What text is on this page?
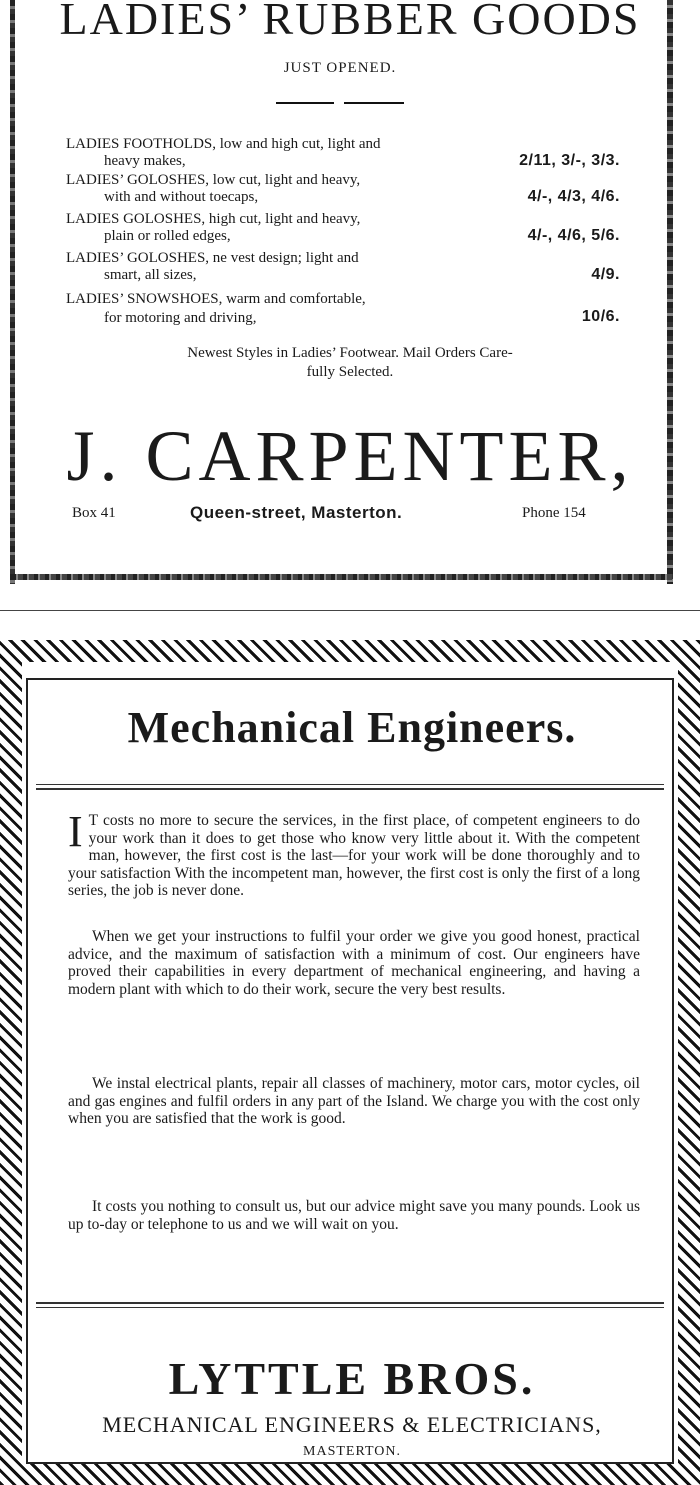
LADIES’ RUBBER GOODS
JUST OPENED.
LADIES FOOTHOLDS, low and high cut, light and
heavy makes,	2/11, 3/-, 3/3.
LADIES’ GOLOSHES, low cut, light and heavy,
with and without toecaps,	4/-, 4/3, 4/6.
LADIES GOLOSHES, high cut, light and heavy,
plain or rolled edges,	4/-, 4/6, 5/6.
LADIES’ GOLOSHES, ne vest design; light and
smart, all sizes,	4/9.
LADIES’ SNOWSHOES, warm and comfortable,
for motoring and driving,	10/6.
Newest Styles in Ladies’ Footwear. Mail Orders Care-
fully Selected.
J. CARPENTER,
Box 41	Queen-street, Masterton.	Phone 154
Mechanical Engineers.

I T costs no more to secure the services, in the first place, of competent engineers to do your work than it does to get those who know very little about it. With the competent man, however, the first cost is the last—for your work will be done thoroughly and to your satisfaction With the incompetent man, however, the first cost is only the first of a long series, the job is never done.

When we get your instructions to fulfil your order we give you good honest, practical advice, and the maximum of satisfaction with a minimum of cost. Our engineers have proved their capabilities in every department of mechanical engineering, and having a modern plant with which to do their work, secure the very best results.

We instal electrical plants, repair all classes of machinery, motor cars, motor cycles, oil and gas engines and fulfil orders in any part of the Island. We charge you with the cost only when you are satisfied that the work is good.

It costs you nothing to consult us, but our advice might save you many pounds. Look us up to-day or telephone to us and we will wait on you.

LYTTLE BROS.
MECHANICAL ENGINEERS & ELECTRICIANS,
MASTERTON.
